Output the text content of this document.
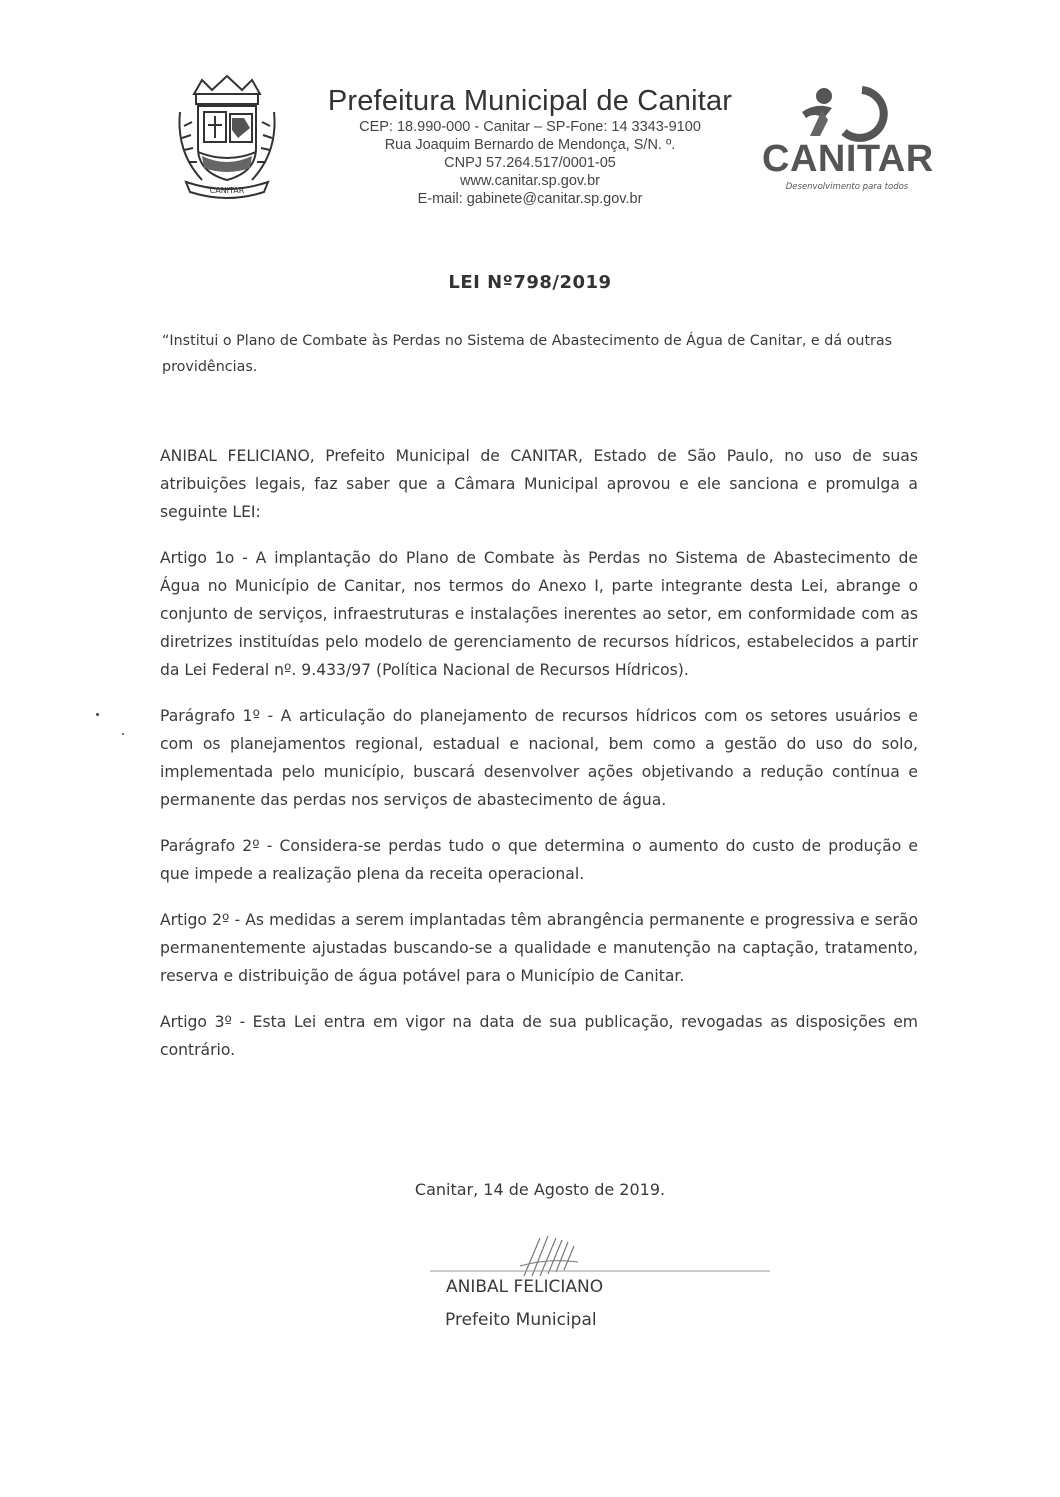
CANITAR
Prefeitura Municipal de Canitar
CEP: 18.990-000 - Canitar – SP-Fone: 14 3343-9100
Rua Joaquim Bernardo de Mendonça, S/N. º.
CNPJ 57.264.517/0001-05
www.canitar.sp.gov.br
E-mail: gabinete@canitar.sp.gov.br
CANITAR
Desenvolvimento para todos
LEI Nº798/2019
“Institui o Plano de Combate às Perdas no Sistema de Abastecimento de Água de Canitar, e dá outras providências.

ANIBAL FELICIANO, Prefeito Municipal de CANITAR, Estado de São Paulo, no uso de suas atribuições legais, faz saber que a Câmara Municipal aprovou e ele sanciona e promulga a seguinte LEI:

Artigo 1o - A implantação do Plano de Combate às Perdas no Sistema de Abastecimento de Água no Município de Canitar, nos termos do Anexo I, parte integrante desta Lei, abrange o conjunto de serviços, infraestruturas e instalações inerentes ao setor, em conformidade com as diretrizes instituídas pelo modelo de gerenciamento de recursos hídricos, estabelecidos a partir da Lei Federal nº. 9.433/97 (Política Nacional de Recursos Hídricos).

Parágrafo 1º - A articulação do planejamento de recursos hídricos com os setores usuários e com os planejamentos regional, estadual e nacional, bem como a gestão do uso do solo, implementada pelo município, buscará desenvolver ações objetivando a redução contínua e permanente das perdas nos serviços de abastecimento de água.

Parágrafo 2º - Considera-se perdas tudo o que determina o aumento do custo de produção e que impede a realização plena da receita operacional.

Artigo 2º - As medidas a serem implantadas têm abrangência permanente e progressiva e serão permanentemente ajustadas buscando-se a qualidade e manutenção na captação, tratamento, reserva e distribuição de água potável para o Município de Canitar.

Artigo 3º - Esta Lei entra em vigor na data de sua publicação, revogadas as disposições em contrário.

Canitar, 14 de Agosto de 2019.
ANIBAL FELICIANO
Prefeito Municipal
